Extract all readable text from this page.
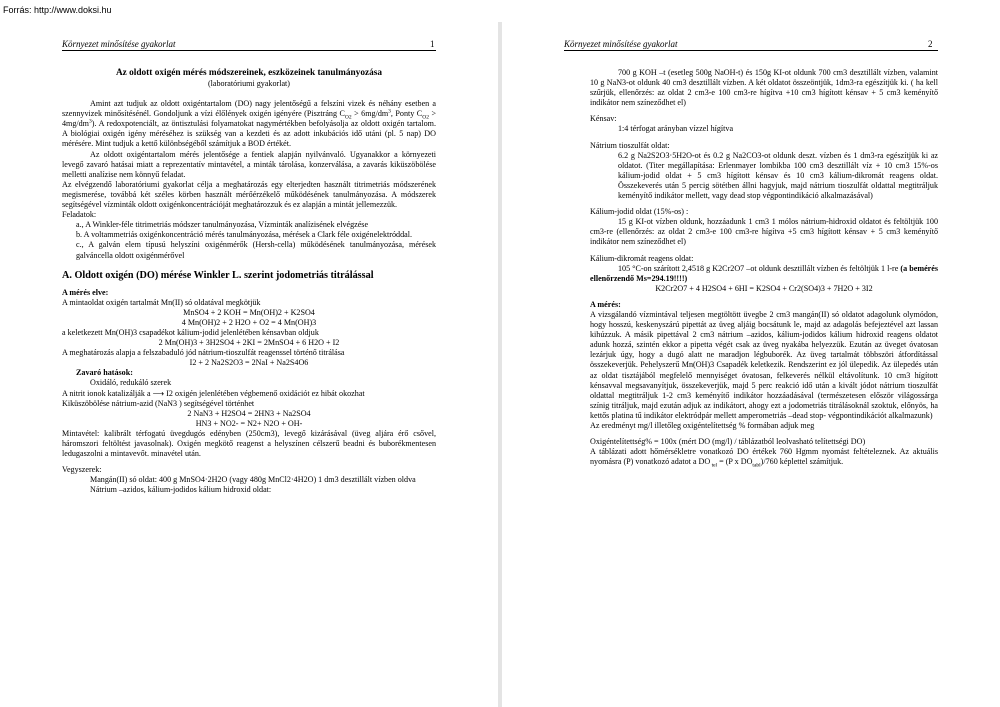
Forrás: http://www.doksi.hu
Környezet minősítése gyakorlat	1

Az oldott oxigén mérés módszereinek, eszközeinek tanulmányozása

(laboratóriumi gyakorlat)

Amint azt tudjuk az oldott oxigéntartalom (DO) nagy jelentőségű a felszíni vizek és néhány esetben a szennyvizek minősítésénél. Gondoljunk a vízi élőlények oxigén igényére (Pisztráng $C_{O2} > 6mg/dm^3$, Ponty $C_{O2} > 4mg/dm^3$). A redoxpotenciált, az öntisztulási folyamatokat nagymértékben befolyásolja az oldott oxigén tartalom. A biológiai oxigén igény méréséhez is szükség van a kezdeti és az adott inkubációs idő utáni (pl. 5 nap) DO mérésére. Mint tudjuk a kettő különbségéből számítjuk a BOD értékét.

Az oldott oxigéntartalom mérés jelentősége a fentiek alapján nyilvánvaló. Ugyanakkor a környezeti levegő zavaró hatásai miatt a reprezentatív mintavétel, a minták tárolása, konzerválása, a zavarás kiküszöbölése melletti analízise nem könnyű feladat.

Az elvégzendő laboratóriumi gyakorlat célja a meghatározás egy elterjedten használt titrimetriás módszerének megismerése, továbbá két széles körben használt mérőérzékelő működésének tanulmányozása. A módszerek segítségével vízminták oldott oxigénkoncentrációját meghatározzuk és ez alapján a mintát jellemezzük.

Feladatok:

a., A Winkler-féle titrimetriás módszer tanulmányozása, Vízminták analízisének elvégzése

b. A voltammetriás oxigénkoncentráció mérés tanulmányozása, mérések a Clark féle oxigénelektróddal.

c., A galván elem típusú helyszíni oxigénmérők (Hersh-cella) működésének tanulmányozása, mérések galváncella oldott oxigénmérővel

A. Oldott oxigén (DO) mérése Winkler L. szerint jodometriás titrálással

A mérés elve:

A mintaoldat oxigén tartalmát Mn(II) só oldatával megkötjük

MnSO4 + 2 KOH = Mn(OH)2 + K2SO4

4 Mn(OH)2 + 2 H2O + O2 = 4 Mn(OH)3

a keletkezett Mn(OH)3 csapadékot kálium-jodid jelenlétében kénsavban oldjuk

2 Mn(OH)3 + 3H2SO4 + 2KI = 2MnSO4 + 6 H2O + I2

A meghatározás alapja a felszabaduló jód nátrium-tioszulfát reagenssel történő titrálása

I2 + 2 Na2S2O3 = 2NaI + Na2S4O6

Zavaró hatások:

Oxidáló, redukáló szerek

A nitrit ionok katalizálják a ⟶ I2 oxigén jelenlétében végbemenő oxidációt ez hibát okozhat

Kiküszöbölése nátrium-azid (NaN3 ) segítségével történhet

2 NaN3 + H2SO4 = 2HN3 + Na2SO4

HN3 + NO2- = N2+ N2O + OH-

Mintavétel: kalibrált térfogatú üvegdugós edényben (250cm3), levegő kizárásával (üveg aljára érő csővel, háromszori feltöltést javasolnak). Oxigén megkötő reagenst a helyszínen célszerű beadni és buborékmentesen ledugaszolni a mintavevőt. minavétel után.

Vegyszerek:

Mangán(II) só oldat: 400 g MnSO4·2H2O (vagy 480g MnCl2·4H2O) 1 dm3 desztillált vízben oldva

Nátrium –azidos, kálium-jodidos kálium hidroxid oldat:

Környezet minősítése gyakorlat	2

700 g KOH –t (esetleg 500g NaOH-t) és 150g KI-ot oldunk 700 cm3 desztillált vízben, valamint 10 g NaN3-ot oldunk 40 cm3 desztillált vízben. A két oldatot összeöntjük, 1dm3-ra egészítjük ki. ( ha kell szűrjük, ellenőrzés: az oldat 2 cm3-e 100 cm3-re hígítva +10 cm3 hígított kénsav + 5 cm3 keményítő indikátor nem színeződhet el)

Kénsav:

1:4 térfogat arányban vízzel hígítva

Nátrium tioszulfát oldat:

6.2 g Na2S2O3·5H2O-ot és 0.2 g Na2CO3-ot oldunk deszt. vízben és 1 dm3-ra egészítjük ki az oldatot. (Titer megállapítása: Erlenmayer lombikba 100 cm3 desztillált víz + 10 cm3 15%-os kálium-jodid oldat + 5 cm3 hígított kénsav és 10 cm3 kálium-dikromát reagens oldat. Összekeverés után 5 percig sötétben állni hagyjuk, majd nátrium tioszulfát oldattal megtitráljuk keményítő indikátor mellett, vagy dead stop végpontindikáció alkalmazásával)

Kálium-jodid oldat (15%-os) :

15 g KI-ot vízben oldunk, hozzáadunk 1 cm3 1 mólos nátrium-hidroxid oldatot és feltöltjük 100 cm3-re (ellenőrzés: az oldat 2 cm3-e 100 cm3-re hígítva +5 cm3 hígított kénsav + 5 cm3 keményítő indikátor nem színeződhet el)

Kálium-dikromát reagens oldat:

105 °C-on szárított 2,4518 g K2Cr2O7 –ot oldunk desztillált vízben és feltöltjük 1 l-re (a bemérés ellenőrzendő Ms=294.19!!!!)

K2Cr2O7 + 4 H2SO4 + 6HI = K2SO4 + Cr2(SO4)3 + 7H2O + 3I2

A mérés:

A vizsgálandó vízmintával teljesen megtöltött üvegbe 2 cm3 mangán(II) só oldatot adagolunk olymódon, hogy hosszú, keskenyszárú pipettát az üveg aljáig bocsátunk le, majd az adagolás befejeztével azt lassan kihúzzuk. A másik pipettával 2 cm3 nátrium –azidos, kálium-jodidos kálium hidroxid reagens oldatot adunk hozzá, szintén ekkor a pipetta végét csak az üveg nyakába helyezzük. Ezután az üveget óvatosan lezárjuk úgy, hogy a dugó alatt ne maradjon légbuborék. Az üveg tartalmát többszöri átfordítással összekeverjük. Pehelyszerű Mn(OH)3 Csapadék keletkezik. Rendszerint ez jól ülepedik. Az ülepedés után az oldat tisztájából megfelelő mennyiséget óvatosan, felkeverés nélkül eltávolítunk. 10 cm3 hígított kénsavval megsavanyítjuk, összekeverjük, majd 5 perc reakció idő után a kivált jódot nátrium tioszulfát oldattal megtitráljuk 1-2 cm3 keményítő indikátor hozzáadásával (természetesen először világossárga színig titráljuk, majd ezután adjuk az indikátort, ahogy ezt a jodometriás titrálásoknál szoktuk, előnyös, ha kettős platina tű indikátor elektródpár mellett amperometriás –dead stop- végpontindikációt alkalmazunk)

Az eredményt mg/l illetőleg oxigéntelítettség % formában adjuk meg

Oxigéntelítettség% = 100x (mért DO (mg/l) / táblázatból leolvasható telítettségi DO)

A táblázati adott hőmérsékletre vonatkozó DO értékek 760 Hgmm nyomást feltételeznek. Az aktuális nyomásra (P) vonatkozó adatot a DO $_{tel}$ = (P x $DO_{tabl})/760$ képlettel számítjuk.
